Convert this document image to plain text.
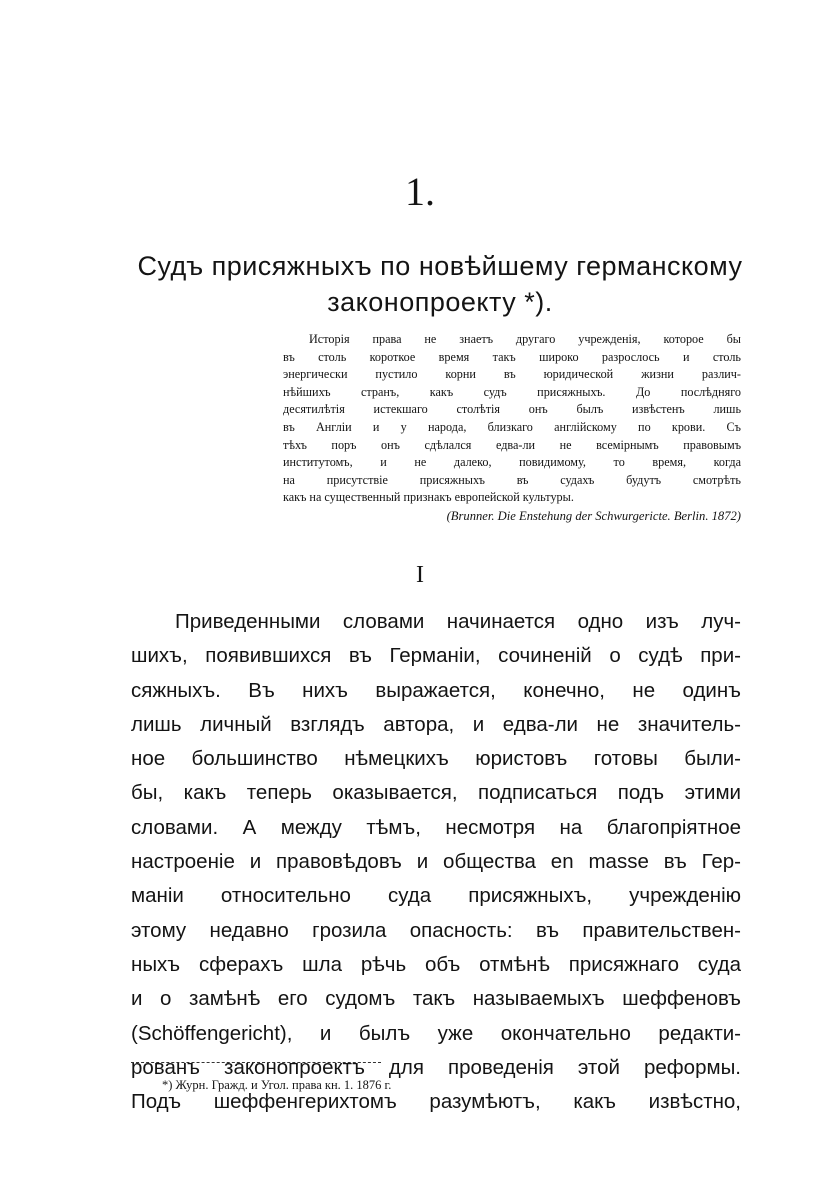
1.
Судъ присяжныхъ по новѣйшему германскому
законопроекту *).
Исторія права не знаетъ другаго учрежденія, которое бы
въ столь короткое время такъ широко разрослось и столь
энергически пустило корни въ юридической жизни различ-
нѣйшихъ странъ, какъ судъ присяжныхъ. До послѣдняго
десятилѣтія истекшаго столѣтія онъ былъ извѣстенъ лишь
въ Англіи и у народа, близкаго англійскому по крови. Съ
тѣхъ поръ онъ сдѣлался едва-ли не всемірнымъ правовымъ
институтомъ, и не далеко, повидимому, то время, когда
на присутствіе присяжныхъ въ судахъ будутъ смотрѣть
какъ на существенный признакъ европейской культуры.
(Brunner. Die Enstehung der Schwurgericte. Berlin. 1872)
I
Приведенными словами начинается одно изъ луч-
шихъ, появившихся въ Германіи, сочиненій о судѣ при-
сяжныхъ. Въ нихъ выражается, конечно, не одинъ
лишь личный взглядъ автора, и едва-ли не значитель-
ное большинство нѣмецкихъ юристовъ готовы были-
бы, какъ теперь оказывается, подписаться подъ этими
словами. А между тѣмъ, несмотря на благопріятное
настроеніе и правовѣдовъ и общества en masse въ Гер-
маніи относительно суда присяжныхъ, учрежденію
этому недавно грозила опасность: въ правительствен-
ныхъ сферахъ шла рѣчь объ отмѣнѣ присяжнаго суда
и о замѣнѣ его судомъ такъ называемыхъ шеффеновъ
(Schöffengericht), и былъ уже окончательно редакти-
рованъ законопроектъ для проведенія этой реформы.
Подъ шеффенгерихтомъ разумѣютъ, какъ извѣстно,
*) Журн. Гражд. и Угол. права кн. 1. 1876 г.
